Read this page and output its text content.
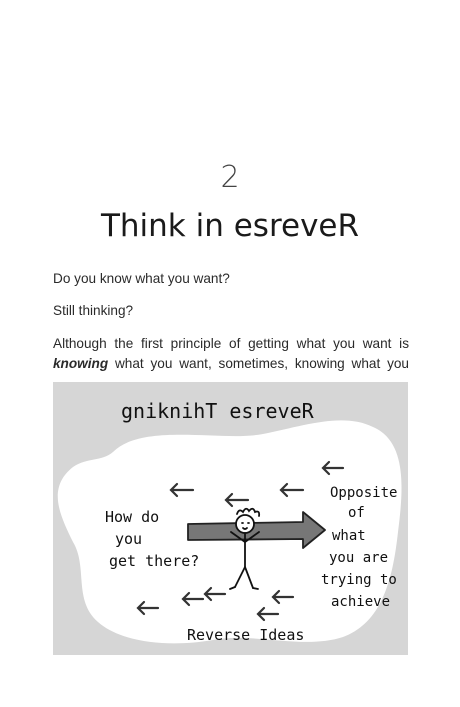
2
Think in esreveR
Do you know what you want?
Still thinking?
Although the first principle of getting what you want is
knowing what you want, sometimes, knowing what you
gniknihT esreveR
How do you get there?
Opposite of what you are trying to achieve
Reverse Ideas
